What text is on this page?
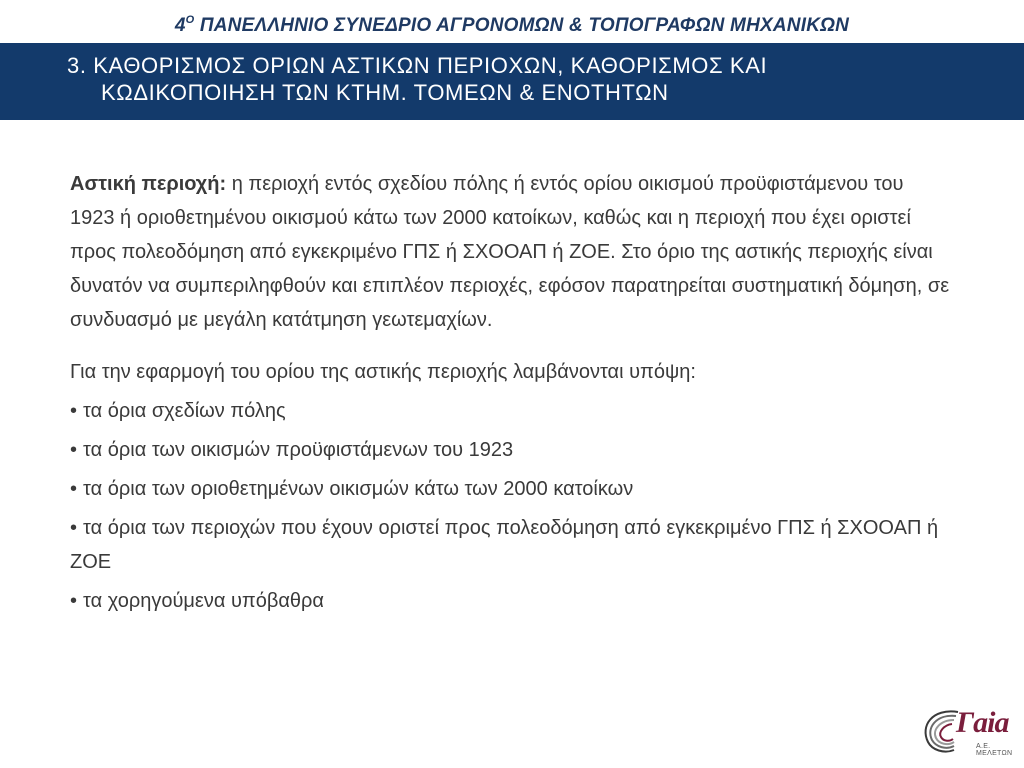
$4^O$ ΠΑΝΕΛΛΗΝΙΟ ΣΥΝΕΔΡΙΟ ΑΓΡΟΝΟΜΩΝ & ΤΟΠΟΓΡΑΦΩΝ ΜΗΧΑΝΙΚΩΝ
3. ΚΑΘΟΡΙΣΜΟΣ ΟΡΙΩΝ ΑΣΤΙΚΩΝ ΠΕΡΙΟΧΩΝ, ΚΑΘΟΡΙΣΜΟΣ ΚΑΙ
ΚΩΔΙΚΟΠΟΙΗΣΗ ΤΩΝ ΚΤΗΜ. ΤΟΜΕΩΝ & ΕΝΟΤΗΤΩΝ

Αστική περιοχή: η περιοχή εντός σχεδίου πόλης ή εντός ορίου οικισμού προϋφιστάμενου του 1923 ή οριοθετημένου οικισμού κάτω των 2000 κατοίκων, καθώς και η περιοχή που έχει οριστεί προς πολεοδόμηση από εγκεκριμένο ΓΠΣ ή ΣΧΟΟΑΠ ή ΖΟΕ. Στο όριο της αστικής περιοχής είναι δυνατόν να συμπεριληφθούν και επιπλέον περιοχές, εφόσον παρατηρείται συστηματική δόμηση, σε συνδυασμό με μεγάλη κατάτμηση γεωτεμαχίων.

Για την εφαρμογή του ορίου της αστικής περιοχής λαμβάνονται υπόψη:

• τα όρια σχεδίων πόλης
• τα όρια των οικισμών προϋφιστάμενων του 1923
• τα όρια των οριοθετημένων οικισμών κάτω των 2000 κατοίκων
• τα όρια των περιοχών που έχουν οριστεί προς πολεοδόμηση από εγκεκριμένο ΓΠΣ ή ΣΧΟΟΑΠ ή ΖΟΕ
• τα χορηγούμενα υπόβαθρα
Γaia
Α.Ε. ΜΕΛΕΤΩΝ
